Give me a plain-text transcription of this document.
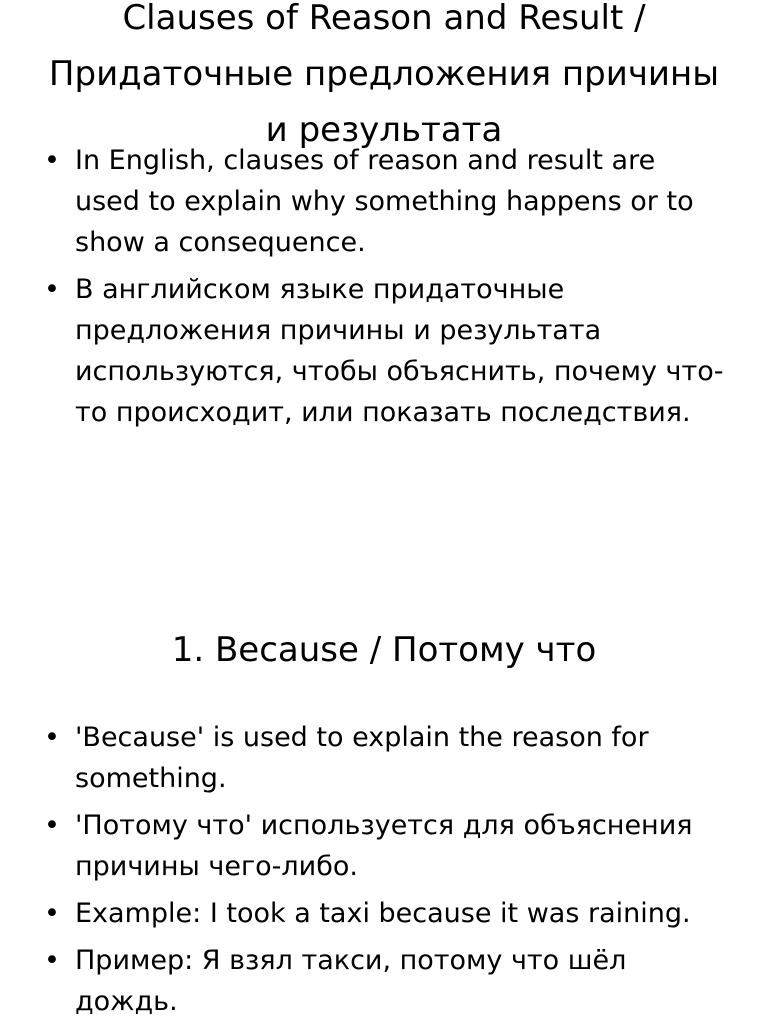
Clauses of Reason and Result / Придаточные предложения причины и результата
• In English, clauses of reason and result are used to explain why something happens or to show a consequence.
• В английском языке придаточные предложения причины и результата используются, чтобы объяснить, почему что-то происходит, или показать последствия.
1. Because / Потому что
• 'Because' is used to explain the reason for something.
• 'Потому что' используется для объяснения причины чего-либо.
• Example: I took a taxi because it was raining.
• Пример: Я взял такси, потому что шёл дождь.
